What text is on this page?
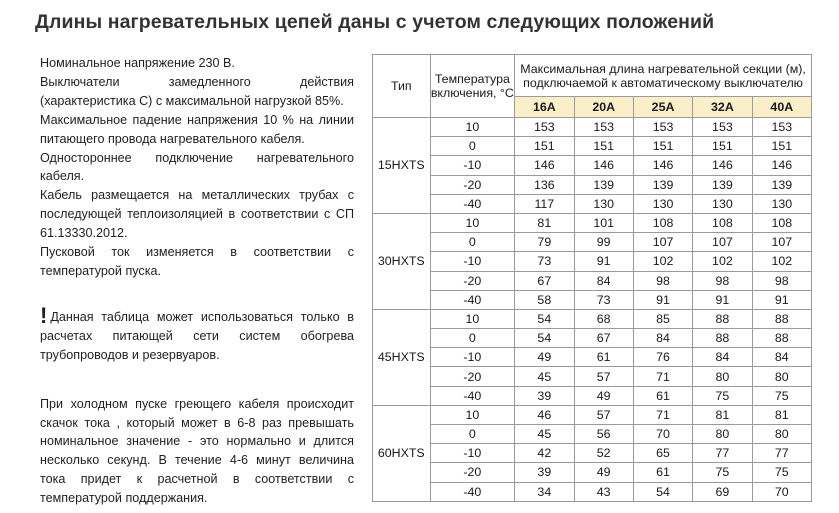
Длины нагревательных цепей даны с учетом следующих положений

Номинальное напряжение 230 В.
Выключатели замедленного действия (характеристика С) с максимальной нагрузкой 85%.
Максимальное падение напряжения 10 % на линии питающего провода нагревательного кабеля.
Одностороннее подключение нагревательного кабеля.
Кабель размещается на металлических трубах с последующей теплоизоляцией в соответствии с СП 61.13330.2012.
Пусковой ток изменяется в соответствии с температурой пуска.

! Данная таблица может использоваться только в расчетах питающей сети систем обогрева трубопроводов и резервуаров.

При холодном пуске греющего кабеля происходит скачок тока , который может в 6-8 раз превышать номинальное значение - это нормально и длится несколько секунд. В течение 4-6 минут величина тока придет к расчетной в соответствии с температурой поддержания.

Тип	Температура включения, °С	Максимальная длина нагревательной секции (м), подключаемой к автоматическому выключателю				
		16A	20A	25A	32A	40A
15HXTS	10	153	153	153	153	153
	0	151	151	151	151	151
	-10	146	146	146	146	146
	-20	136	139	139	139	139
	-40	117	130	130	130	130
30HXTS	10	81	101	108	108	108
	0	79	99	107	107	107
	-10	73	91	102	102	102
	-20	67	84	98	98	98
	-40	58	73	91	91	91
45HXTS	10	54	68	85	88	88
	0	54	67	84	88	88
	-10	49	61	76	84	84
	-20	45	57	71	80	80
	-40	39	49	61	75	75
60HXTS	10	46	57	71	81	81
	0	45	56	70	80	80
	-10	42	52	65	77	77
	-20	39	49	61	75	75
	-40	34	43	54	69	70
